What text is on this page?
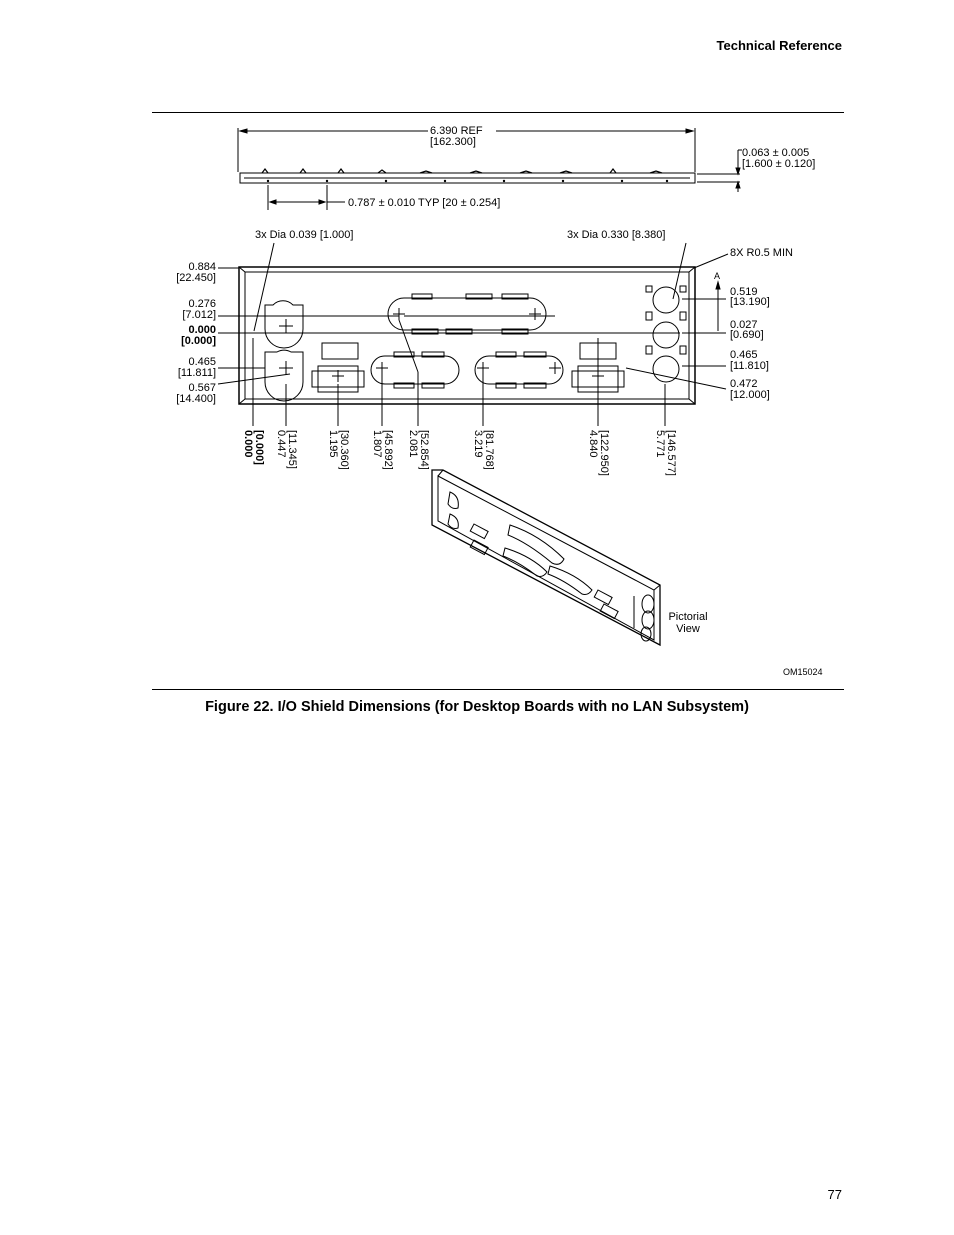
Technical Reference
6.390 REF
[162.300]
0.063 ± 0.005
[1.600 ± 0.120]
0.787 ± 0.010 TYP [20 ± 0.254]
3x Dia 0.039 [1.000]	3x Dia 0.330 [8.380]
8X R0.5 MIN
A
0.884
[22.450]
0.276
[7.012]
0.000
[0.000]
0.465
[11.811]
0.567
[14.400]
0.519
[13.190]
0.027
[0.690]
0.465
[11.810]
0.472
[12.000]
0.000 [0.000] 0.447 [11.345]	1.195 [30.360] 1.807 [45.892] 2.081 [52.854]	3.219 [81.768]	4.840 [122.950]	5.771 [146.577]
Pictorial
View
OM15024
Figure 22. I/O Shield Dimensions (for Desktop Boards with no LAN Subsystem)
77
